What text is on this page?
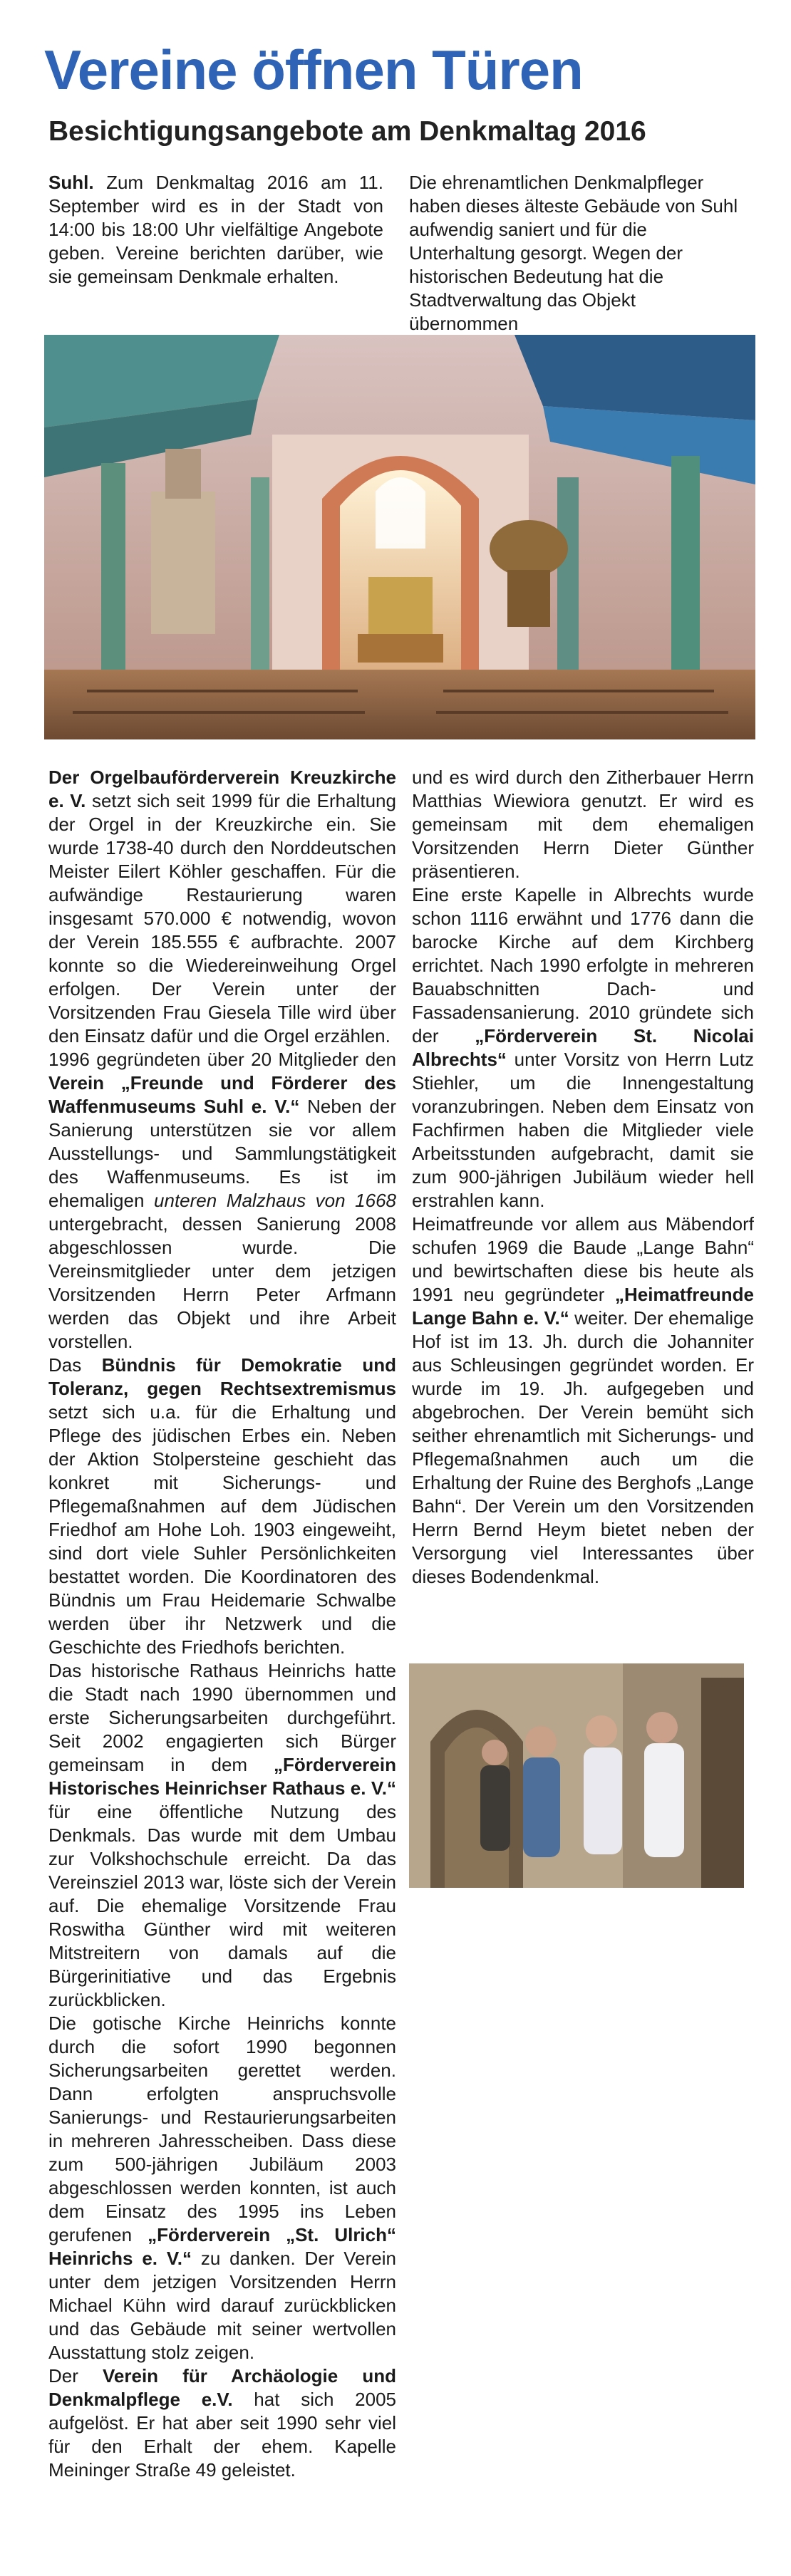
Vereine öffnen Türen
Besichtigungsangebote am Denkmaltag 2016

Suhl. Zum Denkmaltag 2016 am 11. September wird es in der Stadt von 14:00 bis 18:00 Uhr vielfältige Angebote geben. Vereine berichten darüber, wie sie gemeinsam Denkmale erhalten.

Die ehrenamtlichen Denkmalpfleger haben dieses älteste Gebäude von Suhl aufwendig saniert und für die Unterhaltung gesorgt. Wegen der historischen Bedeutung hat die Stadtverwaltung das Objekt übernommen

Der Orgelbauförderverein Kreuzkirche e. V. setzt sich seit 1999 für die Erhaltung der Orgel in der Kreuzkirche ein. Sie wurde 1738-40 durch den Norddeutschen Meister Eilert Köhler geschaffen. Für die aufwändige Restaurierung waren insgesamt 570.000 € notwendig, wovon der Verein 185.555 € aufbrachte. 2007 konnte so die Wiedereinweihung Orgel erfolgen. Der Verein unter der Vorsitzenden Frau Giesela Tille wird über den Einsatz dafür und die Orgel erzählen.

1996 gegründeten über 20 Mitglieder den Verein „Freunde und Förderer des Waffenmuseums Suhl e. V.“ Neben der Sanierung unterstützen sie vor allem Ausstellungs- und Sammlungstätigkeit des Waffenmuseums. Es ist im ehemaligen unteren Malzhaus von 1668 untergebracht, dessen Sanierung 2008 abgeschlossen wurde. Die Vereinsmitglieder unter dem jetzigen Vorsitzenden Herrn Peter Arfmann werden das Objekt und ihre Arbeit vorstellen.

Das Bündnis für Demokratie und Toleranz, gegen Rechtsextremismus setzt sich u.a. für die Erhaltung und Pflege des jüdischen Erbes ein. Neben der Aktion Stolpersteine geschieht das konkret mit Sicherungs- und Pflegemaßnahmen auf dem Jüdischen Friedhof am Hohe Loh. 1903 eingeweiht, sind dort viele Suhler Persönlichkeiten bestattet worden. Die Koordinatoren des Bündnis um Frau Heidemarie Schwalbe werden über ihr Netzwerk und die Geschichte des Friedhofs berichten.

Das historische Rathaus Heinrichs hatte die Stadt nach 1990 übernommen und erste Sicherungsarbeiten durchgeführt. Seit 2002 engagierten sich Bürger gemeinsam in dem „Förderverein Historisches Heinrichser Rathaus e. V.“ für eine öffentliche Nutzung des Denkmals. Das wurde mit dem Umbau zur Volkshochschule erreicht. Da das Vereinsziel 2013 war, löste sich der Verein auf. Die ehemalige Vorsitzende Frau Roswitha Günther wird mit weiteren Mitstreitern von damals auf die Bürgerinitiative und das Ergebnis zurückblicken.

Die gotische Kirche Heinrichs konnte durch die sofort 1990 begonnen Sicherungsarbeiten gerettet werden. Dann erfolgten anspruchsvolle Sanierungs- und Restaurierungsarbeiten in mehreren Jahresscheiben. Dass diese zum 500-jährigen Jubiläum 2003 abgeschlossen werden konnten, ist auch dem Einsatz des 1995 ins Leben gerufenen „Förderverein „St. Ulrich“ Heinrichs e. V.“ zu danken. Der Verein unter dem jetzigen Vorsitzenden Herrn Michael Kühn wird darauf zurückblicken und das Gebäude mit seiner wertvollen Ausstattung stolz zeigen.

Der Verein für Archäologie und Denkmalpflege e.V. hat sich 2005 aufgelöst. Er hat aber seit 1990 sehr viel für den Erhalt der ehem. Kapelle Meininger Straße 49 geleistet.

und es wird durch den Zitherbauer Herrn Matthias Wiewiora genutzt. Er wird es gemeinsam mit dem ehemaligen Vorsitzenden Herrn Dieter Günther präsentieren.

Eine erste Kapelle in Albrechts wurde schon 1116 erwähnt und 1776 dann die barocke Kirche auf dem Kirchberg errichtet. Nach 1990 erfolgte in mehreren Bauabschnitten Dach- und Fassadensanierung. 2010 gründete sich der „Förderverein St. Nicolai Albrechts“ unter Vorsitz von Herrn Lutz Stiehler, um die Innengestaltung voranzubringen. Neben dem Einsatz von Fachfirmen haben die Mitglieder viele Arbeitsstunden aufgebracht, damit sie zum 900-jährigen Jubiläum wieder hell erstrahlen kann.

Heimatfreunde vor allem aus Mäbendorf schufen 1969 die Baude „Lange Bahn“ und bewirtschaften diese bis heute als 1991 neu gegründeter „Heimatfreunde Lange Bahn e. V.“ weiter. Der ehemalige Hof ist im 13. Jh. durch die Johanniter aus Schleusingen gegründet worden. Er wurde im 19. Jh. aufgegeben und abgebrochen. Der Verein bemüht sich seither ehrenamtlich mit Sicherungs- und Pflegemaßnahmen auch um die Erhaltung der Ruine des Berghofs „Lange Bahn“. Der Verein um den Vorsitzenden Herrn Bernd Heym bietet neben der Versorgung viel Interessantes über dieses Bodendenkmal.
